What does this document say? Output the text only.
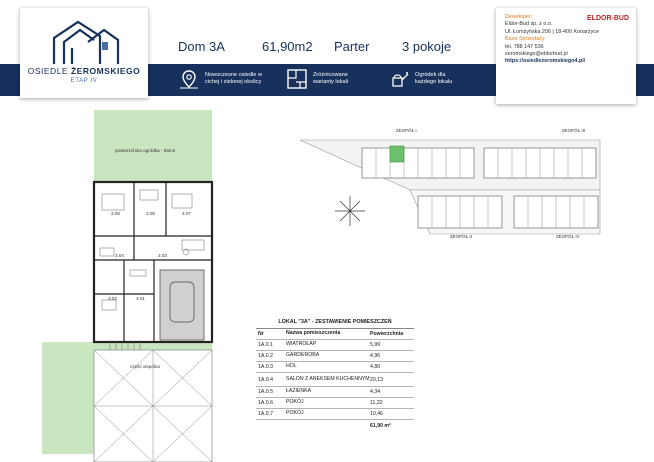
OSIEDLE ŻEROMSKIEGO
ETAP IV
Dom 3A	61,90m2 Parter	3 pokoje
Nowoczesne osiedle w
cichej i zielonej okolicy
Zróżnicowane
warianty lokali
Ogródek dla
każdego lokalu
ELDOR-BUD
Deweloper:
Eldor-Bud sp. z o.o.
Ul. Łomżyńska 206 | 18-400 Konarzyce
Biuro Sprzedaży:
tel. 788 147 536
zeromskiego@eldorbud.pl
https://osiedlezeromskiego4.pl/
powierzchnia ogródka - 55m2
część wspólna
3.06	3.05	3.07
3.04	3.03
3.02	3.01
ZESPÓŁ I	ZESPÓŁ III
ZESPÓŁ II	ZESPÓŁ IV
LOKAL "3A" - ZESTAWIENIE POMIESZCZEŃ
Nr	Nazwa pomieszczenia	Powierzchnia
1A.0.1	WIATROŁAP	5,99
1A.0.2	GARDEROBA	4,96
1A.0.3	HOL	4,80
1A.0.4	SALON Z ANEKSEM KUCHENNYM 20,13
1A.0.5	ŁAZIENKA	4,34
1A.0.6	POKÓJ	11,22
1A.0.7	POKÓJ	10,46
61,90 m²
